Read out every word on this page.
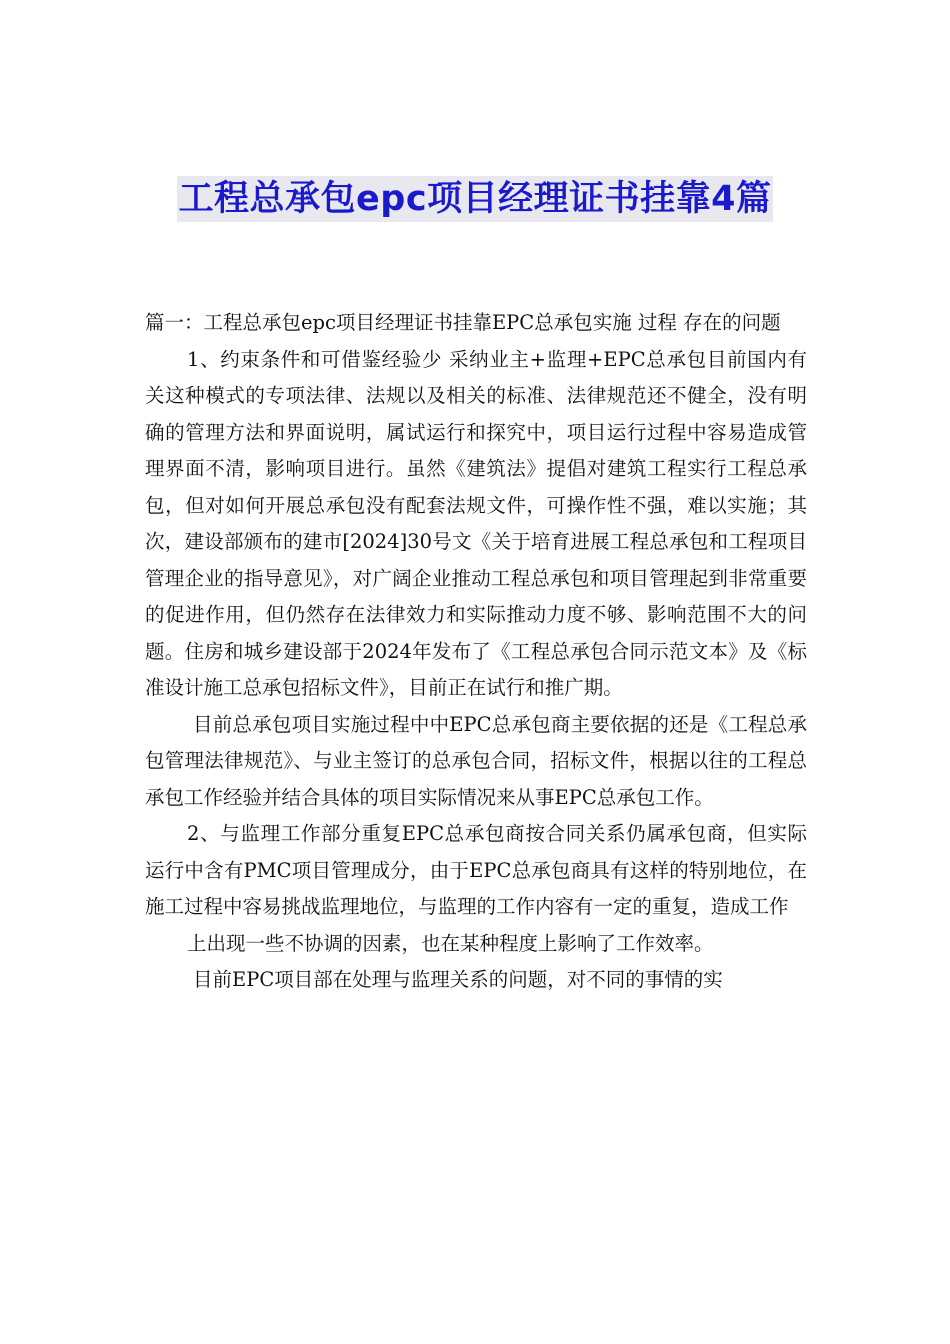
工程总承包epc项目经理证书挂靠4篇

篇一：工程总承包epc项目经理证书挂靠EPC总承包实施 过程 存在的问题

1、约束条件和可借鉴经验少 采纳业主+监理+EPC总承包目前国内有关这种模式的专项法律、法规以及相关的标准、法律规范还不健全，没有明确的管理方法和界面说明，属试运行和探究中，项目运行过程中容易造成管理界面不清，影响项目进行。虽然《建筑法》提倡对建筑工程实行工程总承包，但对如何开展总承包没有配套法规文件，可操作性不强，难以实施；其次，建设部颁布的建市[2024]30号文《关于培育进展工程总承包和工程项目管理企业的指导意见》，对广阔企业推动工程总承包和项目管理起到非常重要的促进作用，但仍然存在法律效力和实际推动力度不够、影响范围不大的问题。住房和城乡建设部于2024年发布了《工程总承包合同示范文本》及《标准设计施工总承包招标文件》，目前正在试行和推广期。

目前总承包项目实施过程中中EPC总承包商主要依据的还是《工程总承包管理法律规范》、与业主签订的总承包合同，招标文件，根据以往的工程总承包工作经验并结合具体的项目实际情况来从事EPC总承包工作。

2、与监理工作部分重复EPC总承包商按合同关系仍属承包商，但实际运行中含有PMC项目管理成分，由于EPC总承包商具有这样的特别地位，在施工过程中容易挑战监理地位，与监理的工作内容有一定的重复，造成工作

上出现一些不协调的因素，也在某种程度上影响了工作效率。

目前EPC项目部在处理与监理关系的问题，对不同的事情的实
